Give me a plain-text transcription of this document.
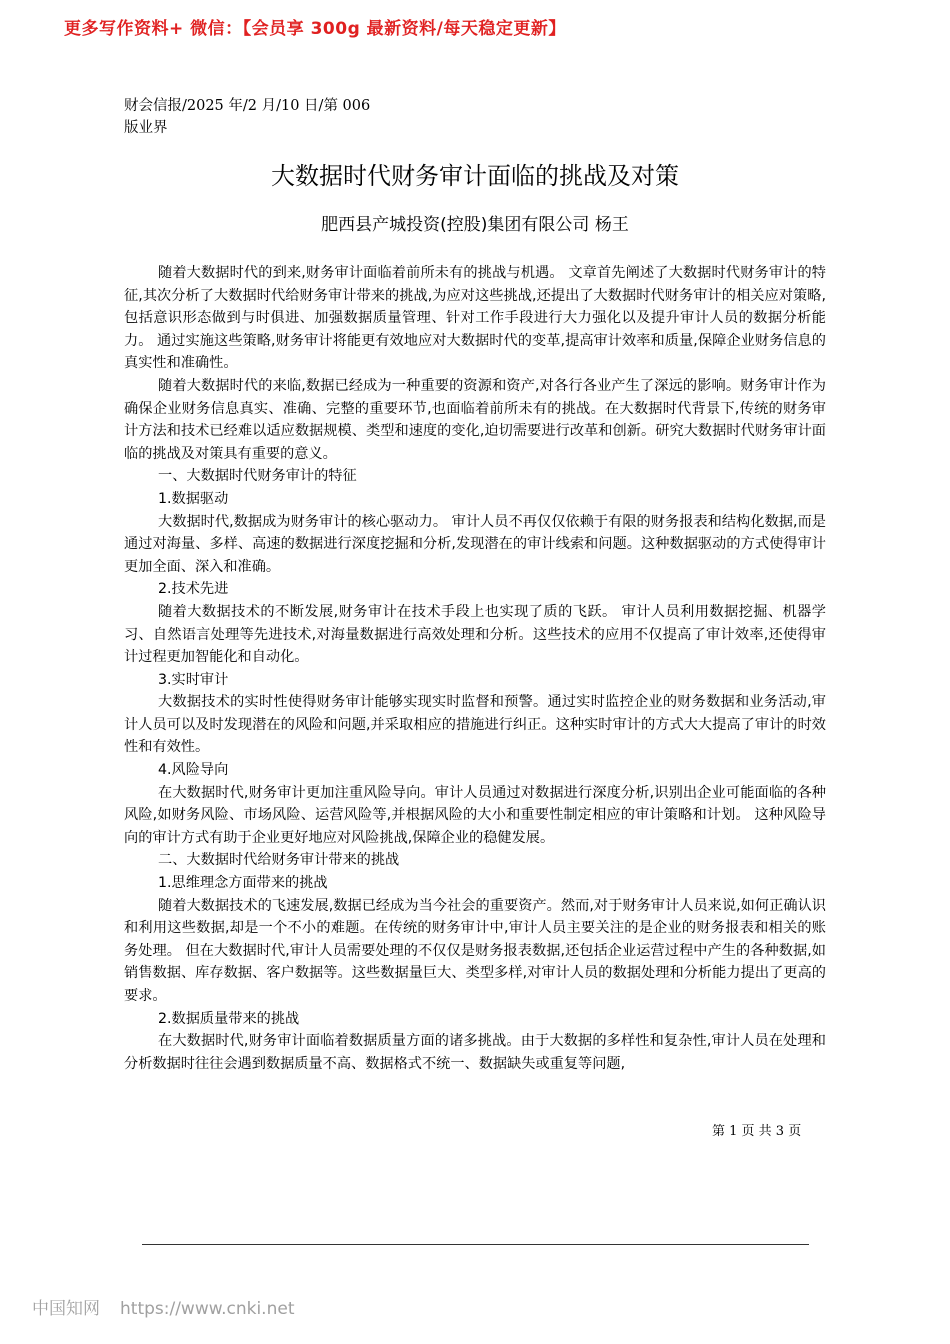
更多写作资料+ 微信：【会员享 300g 最新资料/每天稳定更新】
财会信报/2025 年/2 月/10 日/第 006
版业界
大数据时代财务审计面临的挑战及对策
肥西县产城投资(控股)集团有限公司 杨王

随着大数据时代的到来,财务审计面临着前所未有的挑战与机遇。 文章首先阐述了大数据时代财务审计的特征,其次分析了大数据时代给财务审计带来的挑战,为应对这些挑战,还提出了大数据时代财务审计的相关应对策略,包括意识形态做到与时俱进、加强数据质量管理、针对工作手段进行大力强化以及提升审计人员的数据分析能力。 通过实施这些策略,财务审计将能更有效地应对大数据时代的变革,提高审计效率和质量,保障企业财务信息的真实性和准确性。

随着大数据时代的来临,数据已经成为一种重要的资源和资产,对各行各业产生了深远的影响。财务审计作为确保企业财务信息真实、准确、完整的重要环节,也面临着前所未有的挑战。在大数据时代背景下,传统的财务审计方法和技术已经难以适应数据规模、类型和速度的变化,迫切需要进行改革和创新。研究大数据时代财务审计面临的挑战及对策具有重要的意义。

一、大数据时代财务审计的特征

1.数据驱动

大数据时代,数据成为财务审计的核心驱动力。 审计人员不再仅仅依赖于有限的财务报表和结构化数据,而是通过对海量、多样、高速的数据进行深度挖掘和分析,发现潜在的审计线索和问题。这种数据驱动的方式使得审计更加全面、深入和准确。

2.技术先进

随着大数据技术的不断发展,财务审计在技术手段上也实现了质的飞跃。 审计人员利用数据挖掘、机器学习、自然语言处理等先进技术,对海量数据进行高效处理和分析。这些技术的应用不仅提高了审计效率,还使得审计过程更加智能化和自动化。

3.实时审计

大数据技术的实时性使得财务审计能够实现实时监督和预警。通过实时监控企业的财务数据和业务活动,审计人员可以及时发现潜在的风险和问题,并采取相应的措施进行纠正。这种实时审计的方式大大提高了审计的时效性和有效性。

4.风险导向

在大数据时代,财务审计更加注重风险导向。审计人员通过对数据进行深度分析,识别出企业可能面临的各种风险,如财务风险、市场风险、运营风险等,并根据风险的大小和重要性制定相应的审计策略和计划。 这种风险导向的审计方式有助于企业更好地应对风险挑战,保障企业的稳健发展。

二、大数据时代给财务审计带来的挑战

1.思维理念方面带来的挑战

随着大数据技术的飞速发展,数据已经成为当今社会的重要资产。然而,对于财务审计人员来说,如何正确认识和利用这些数据,却是一个不小的难题。在传统的财务审计中,审计人员主要关注的是企业的财务报表和相关的账务处理。 但在大数据时代,审计人员需要处理的不仅仅是财务报表数据,还包括企业运营过程中产生的各种数据,如销售数据、库存数据、客户数据等。这些数据量巨大、类型多样,对审计人员的数据处理和分析能力提出了更高的要求。

2.数据质量带来的挑战

在大数据时代,财务审计面临着数据质量方面的诸多挑战。由于大数据的多样性和复杂性,审计人员在处理和分析数据时往往会遇到数据质量不高、数据格式不统一、数据缺失或重复等问题,

第 1 页 共 3 页
中国知网 https://www.cnki.net
